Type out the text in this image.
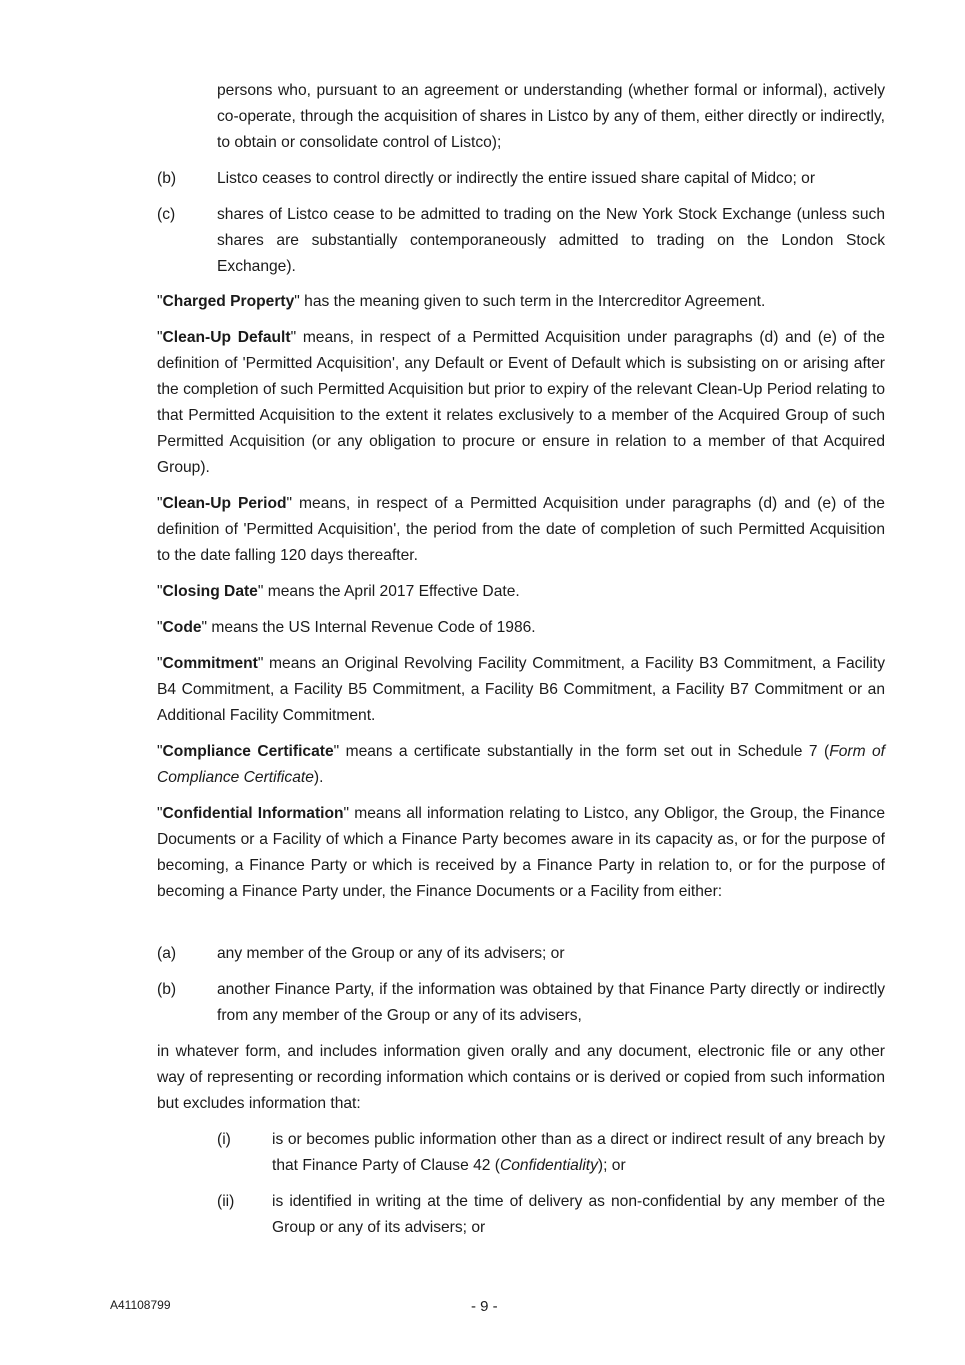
persons who, pursuant to an agreement or understanding (whether formal or informal), actively co-operate, through the acquisition of shares in Listco by any of them, either directly or indirectly, to obtain or consolidate control of Listco);

(b)	Listco ceases to control directly or indirectly the entire issued share capital of Midco; or
(c)	shares of Listco cease to be admitted to trading on the New York Stock Exchange (unless such shares are substantially contemporaneously admitted to trading on the London Stock Exchange).

"Charged Property" has the meaning given to such term in the Intercreditor Agreement.

"Clean-Up Default" means, in respect of a Permitted Acquisition under paragraphs (d) and (e) of the definition of 'Permitted Acquisition', any Default or Event of Default which is subsisting on or arising after the completion of such Permitted Acquisition but prior to expiry of the relevant Clean-Up Period relating to that Permitted Acquisition to the extent it relates exclusively to a member of the Acquired Group of such Permitted Acquisition (or any obligation to procure or ensure in relation to a member of that Acquired Group).

"Clean-Up Period" means, in respect of a Permitted Acquisition under paragraphs (d) and (e) of the definition of 'Permitted Acquisition', the period from the date of completion of such Permitted Acquisition to the date falling 120 days thereafter.

"Closing Date" means the April 2017 Effective Date.

"Code" means the US Internal Revenue Code of 1986.

"Commitment" means an Original Revolving Facility Commitment, a Facility B3 Commitment, a Facility B4 Commitment, a Facility B5 Commitment, a Facility B6 Commitment, a Facility B7 Commitment or an Additional Facility Commitment.

"Compliance Certificate" means a certificate substantially in the form set out in Schedule 7 (Form of Compliance Certificate).

"Confidential Information" means all information relating to Listco, any Obligor, the Group, the Finance Documents or a Facility of which a Finance Party becomes aware in its capacity as, or for the purpose of becoming, a Finance Party or which is received by a Finance Party in relation to, or for the purpose of becoming a Finance Party under, the Finance Documents or a Facility from either:

(a)	any member of the Group or any of its advisers; or
(b)	another Finance Party, if the information was obtained by that Finance Party directly or indirectly from any member of the Group or any of its advisers,

in whatever form, and includes information given orally and any document, electronic file or any other way of representing or recording information which contains or is derived or copied from such information but excludes information that:

(i)	is or becomes public information other than as a direct or indirect result of any breach by that Finance Party of Clause 42 (Confidentiality); or
(ii) is identified in writing at the time of delivery as non-confidential by any member of the Group or any of its advisers; or
A41108799	- 9 -
